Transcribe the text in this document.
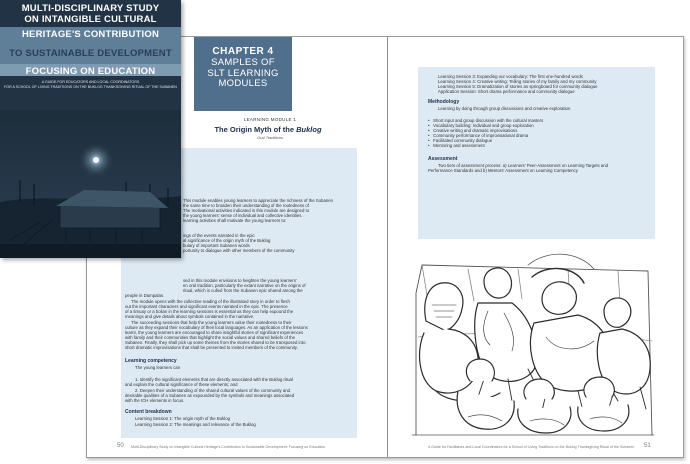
CHAPTER 4
SAMPLES OF
SLT LEARNING
MODULES
LEARNING MODULE 1
The Origin Myth of the Buklog
Oral Traditions
This module enables young learners to appreciate the richness of the Subanen
the same time to broaden their understanding of the rootedness of
The motivational activities indicated in this module are designed to
the young learners' sense of individual and collective identities.
learning activities shall motivate the young learners to:
ings of the events narrated in the epic
al significance of the origin myth of the Buklog
bulary of important Subanen words
portunity to dialogue with other members of the community
sed in this module envisions to heighten the young learners'
en oral tradition, particularly the extant narrative on the origins of
ritual, which is culled from the Subanen epic shared among the
people in Dampalan.
The module opens with the collective reading of the illustrated story in order to flesh
out the important characters and significant events narrated in the epic. The presence
of a timuay or a bolian in the learning sessions is essential as they can help expound the
meanings and give details about symbols contained in the narrative.
The succeeding sessions that help the young learners value their rootedness to their
culture as they expand their vocabulary of their local languages. As an application of the lessons
learnt, the young learners are encouraged to share insightful stories of significant experiences
with family and their communities that highlight the social values and shared beliefs of the
Subanen. Finally, they shall pick up some themes from the stories shared to be transposed into
short dramatic improvisations that shall be presented to invited members of the community.
Learning competency
The young learners can
1. Identify the significant elements that are directly associated with the Buklog ritual
and explain the cultural significance of these elements; and
2. Deepen their understanding of the shared cultural values of the community and
desirable qualities of a Subanen as expounded by the symbols and meanings associated
with the ICH elements in focus.
Content breakdown
Learning Session 1: The origin myth of the Buklog
Learning Session 2: The meanings and relevance of the Buklog
50 Multi-Disciplinary Study on Intangible Cultural Heritage's Contribution to Sustainable Development: Focusing on Education
Learning Session 3: Expanding our vocabulary: The first one-hundred words
Learning Session 4: Creative writing: Telling stories of my family and my community
Learning Session 5: Dramatization of stories as springboard for community dialogue
Application Session: Short drama performance and community dialogue
Methodology
Learning by doing through group discussions and creative exploration
•   Short input and group discussion with the cultural masters
•   Vocabulary building: Individual and group exploration
•   Creative writing and dramatic improvisations
•   Community performance of improvisational drama
•   Facilitated community dialogue
•   Mentoring and assessment
Assessment
Two tiers of assessment process: a) Learners' Peer-Assessment on Learning Targets and
Performance Standards and b) Mentors' Assessment on Learning Competency
A Guide for Facilitators and Local Coordinators for a School of Living Traditions on the Buklog Thanksgiving Ritual of the Subanen 51
MULTI-DISCIPLINARY STUDY
ON INTANGIBLE CULTURAL
HERITAGE'S CONTRIBUTION
TO SUSTAINABLE DEVELOPMENT
FOCUSING ON EDUCATION
A GUIDE FOR EDUCATORS AND LOCAL COORDINATORS
FOR A SCHOOL OF LIVING TRADITIONS ON THE BUKLOG THANKSGIVING RITUAL OF THE SUBANEN
